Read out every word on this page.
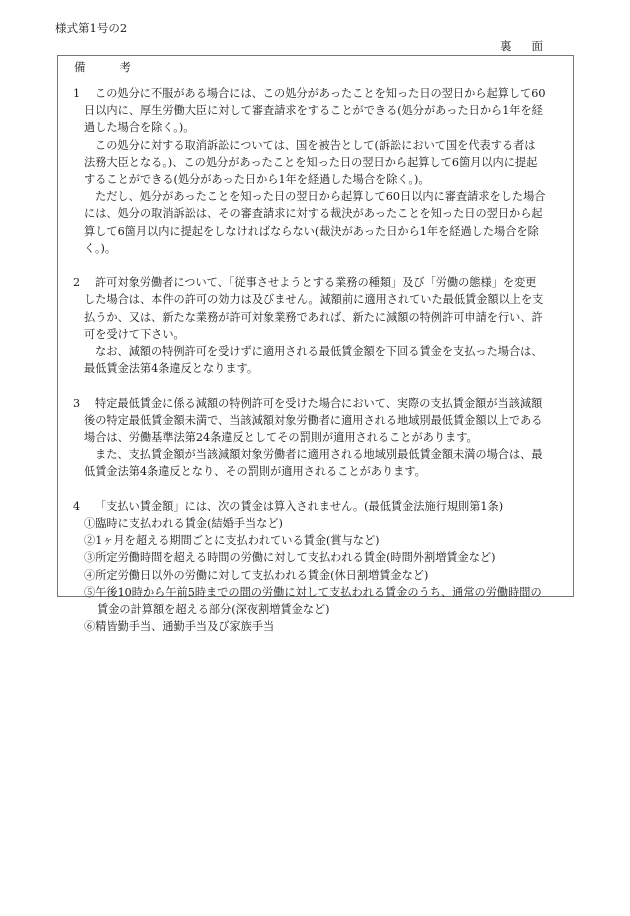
様式第1号の2
裏 面
備	考
1 この処分に不服がある場合には、この処分があったことを知った日の翌日から起算して60
日以内に、厚生労働大臣に対して審査請求をすることができる(処分があった日から1年を経
過した場合を除く。)。
この処分に対する取消訴訟については、国を被告として(訴訟において国を代表する者は
法務大臣となる。)、この処分があったことを知った日の翌日から起算して6箇月以内に提起
することができる(処分があった日から1年を経過した場合を除く。)。
ただし、処分があったことを知った日の翌日から起算して60日以内に審査請求をした場合
には、処分の取消訴訟は、その審査請求に対する裁決があったことを知った日の翌日から起
算して6箇月以内に提起をしなければならない(裁決があった日から1年を経過した場合を除
く。)。
2 許可対象労働者について、「従事させようとする業務の種類」及び「労働の態様」を変更
した場合は、本件の許可の効力は及びません。減額前に適用されていた最低賃金額以上を支
払うか、又は、新たな業務が許可対象業務であれば、新たに減額の特例許可申請を行い、許
可を受けて下さい。
なお、減額の特例許可を受けずに適用される最低賃金額を下回る賃金を支払った場合は、
最低賃金法第4条違反となります。
3 特定最低賃金に係る減額の特例許可を受けた場合において、実際の支払賃金額が当該減額
後の特定最低賃金額未満で、当該減額対象労働者に適用される地域別最低賃金額以上である
場合は、労働基準法第24条違反としてその罰則が適用されることがあります。
また、支払賃金額が当該減額対象労働者に適用される地域別最低賃金額未満の場合は、最
低賃金法第4条違反となり、その罰則が適用されることがあります。
4 「支払い賃金額」には、次の賃金は算入されません。(最低賃金法施行規則第1条)
①臨時に支払われる賃金(結婚手当など)
②1ヶ月を超える期間ごとに支払われている賃金(賞与など)
③所定労働時間を超える時間の労働に対して支払われる賃金(時間外割増賃金など)
④所定労働日以外の労働に対して支払われる賃金(休日割増賃金など)
⑤午後10時から午前5時までの間の労働に対して支払われる賃金のうち、通常の労働時間の
賃金の計算額を超える部分(深夜割増賃金など)
⑥精皆勤手当、通勤手当及び家族手当
